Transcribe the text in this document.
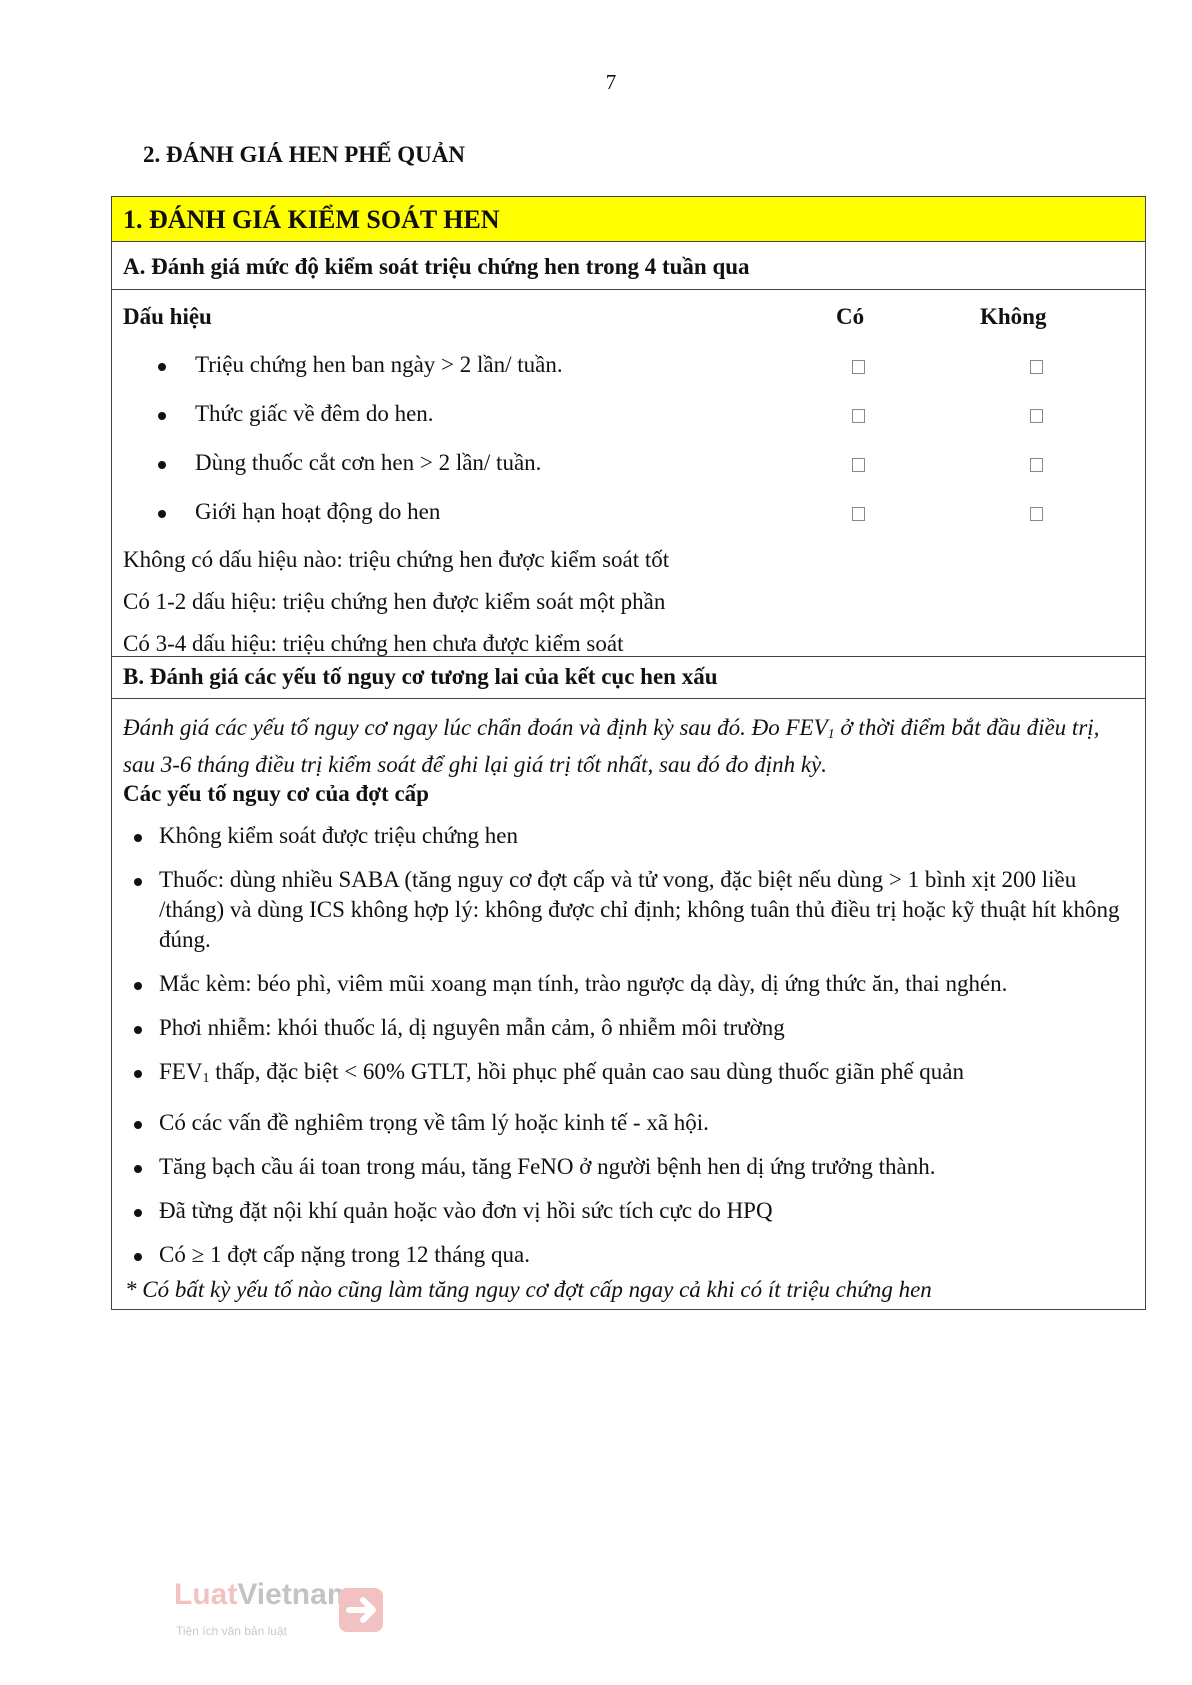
7
2. ĐÁNH GIÁ HEN PHẾ QUẢN
1. ĐÁNH GIÁ KIỂM SOÁT HEN
A. Đánh giá mức độ kiểm soát triệu chứng hen trong 4 tuần qua
Dấu hiệu	Có	Không
Triệu chứng hen ban ngày > 2 lần/ tuần.
Thức giấc về đêm do hen.
Dùng thuốc cắt cơn hen > 2 lần/ tuần.
Giới hạn hoạt động do hen
Không có dấu hiệu nào: triệu chứng hen được kiểm soát tốt
Có 1-2 dấu hiệu: triệu chứng hen được kiểm soát một phần
Có 3-4 dấu hiệu: triệu chứng hen chưa được kiểm soát
B. Đánh giá các yếu tố nguy cơ tương lai của kết cục hen xấu
Đánh giá các yếu tố nguy cơ ngay lúc chẩn đoán và định kỳ sau đó. Đo $FEV_1$ ở thời điểm bắt đầu điều trị, sau 3-6 tháng điều trị kiểm soát để ghi lại giá trị tốt nhất, sau đó đo định kỳ.
Các yếu tố nguy cơ của đợt cấp
Không kiểm soát được triệu chứng hen
Thuốc: dùng nhiều SABA (tăng nguy cơ đợt cấp và tử vong, đặc biệt nếu dùng > 1 bình xịt 200 liều /tháng) và dùng ICS không hợp lý: không được chỉ định; không tuân thủ điều trị hoặc kỹ thuật hít không đúng.
Mắc kèm: béo phì, viêm mũi xoang mạn tính, trào ngược dạ dày, dị ứng thức ăn, thai nghén.
Phơi nhiễm: khói thuốc lá, dị nguyên mẫn cảm, ô nhiễm môi trường
$FEV_1$ thấp, đặc biệt < 60% GTLT, hồi phục phế quản cao sau dùng thuốc giãn phế quản
Có các vấn đề nghiêm trọng về tâm lý hoặc kinh tế - xã hội.
Tăng bạch cầu ái toan trong máu, tăng FeNO ở người bệnh hen dị ứng trưởng thành.
Đã từng đặt nội khí quản hoặc vào đơn vị hồi sức tích cực do HPQ
Có ≥ 1 đợt cấp nặng trong 12 tháng qua.
* Có bất kỳ yếu tố nào cũng làm tăng nguy cơ đợt cấp ngay cả khi có ít triệu chứng hen
LuatVietnam
Tiện ích văn bản luật
